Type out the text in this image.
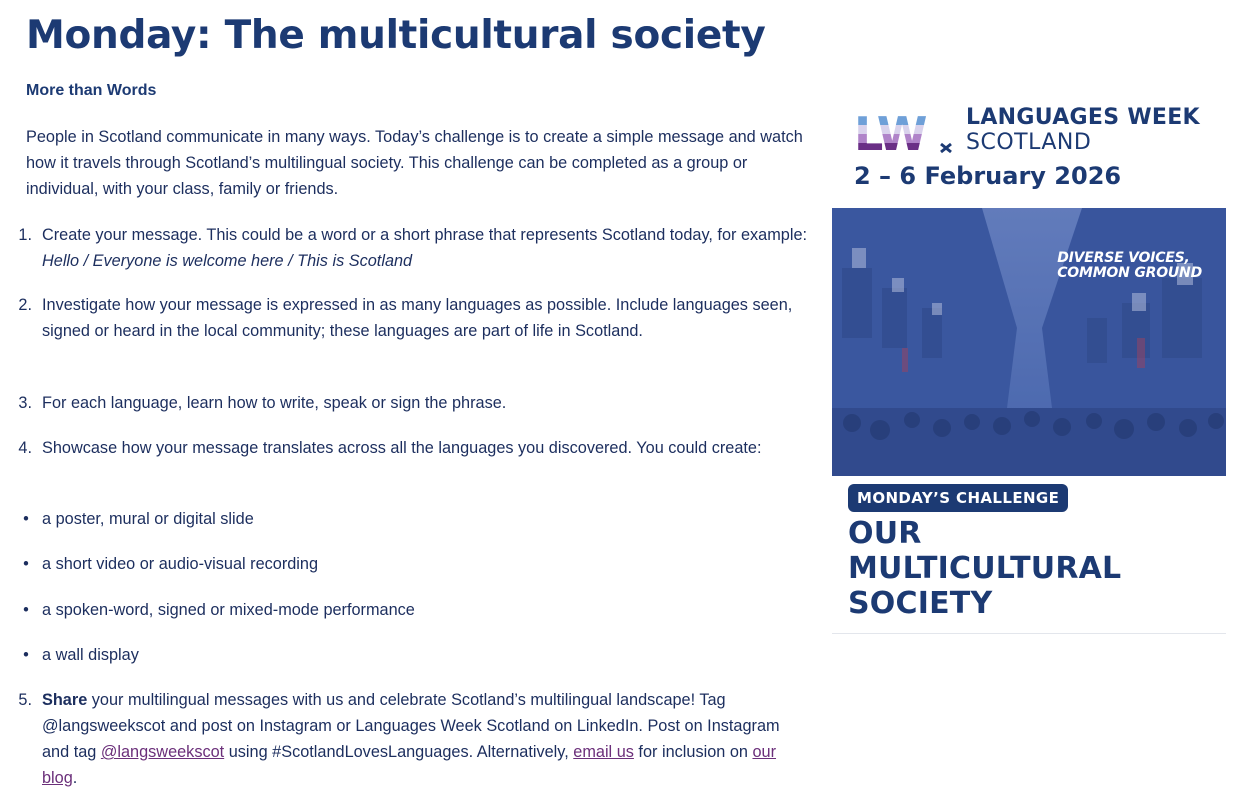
Monday: The multicultural society
More than Words

People in Scotland communicate in many ways. Today’s challenge is to create a simple message and watch how it travels through Scotland’s multilingual society. This challenge can be completed as a group or individual, with your class, family or friends.

1. Create your message. This could be a word or a short phrase that represents Scotland today, for example: Hello / Everyone is welcome here / This is Scotland
2. Investigate how your message is expressed in as many languages as possible. Include languages seen, signed or heard in the local community; these languages are part of life in Scotland.
3. For each language, learn how to write, speak or sign the phrase.
4. Showcase how your message translates across all the languages you discovered. You could create:
• a poster, mural or digital slide
• a short video or audio-visual recording
• a spoken-word, signed or mixed-mode performance
• a wall display
5. Share your multilingual messages with us and celebrate Scotland’s multilingual landscape! Tag @langsweekscot and post on Instagram or Languages Week Scotland on LinkedIn. Post on Instagram and tag @langsweekscot using #ScotlandLovesLanguages. Alternatively, email us for inclusion on our blog.
LANGUAGES WEEK
SCOTLAND
2 – 6 February 2026
DIVERSE VOICES,
COMMON GROUND
MONDAY’S CHALLENGE
OUR
MULTICULTURAL
SOCIETY
